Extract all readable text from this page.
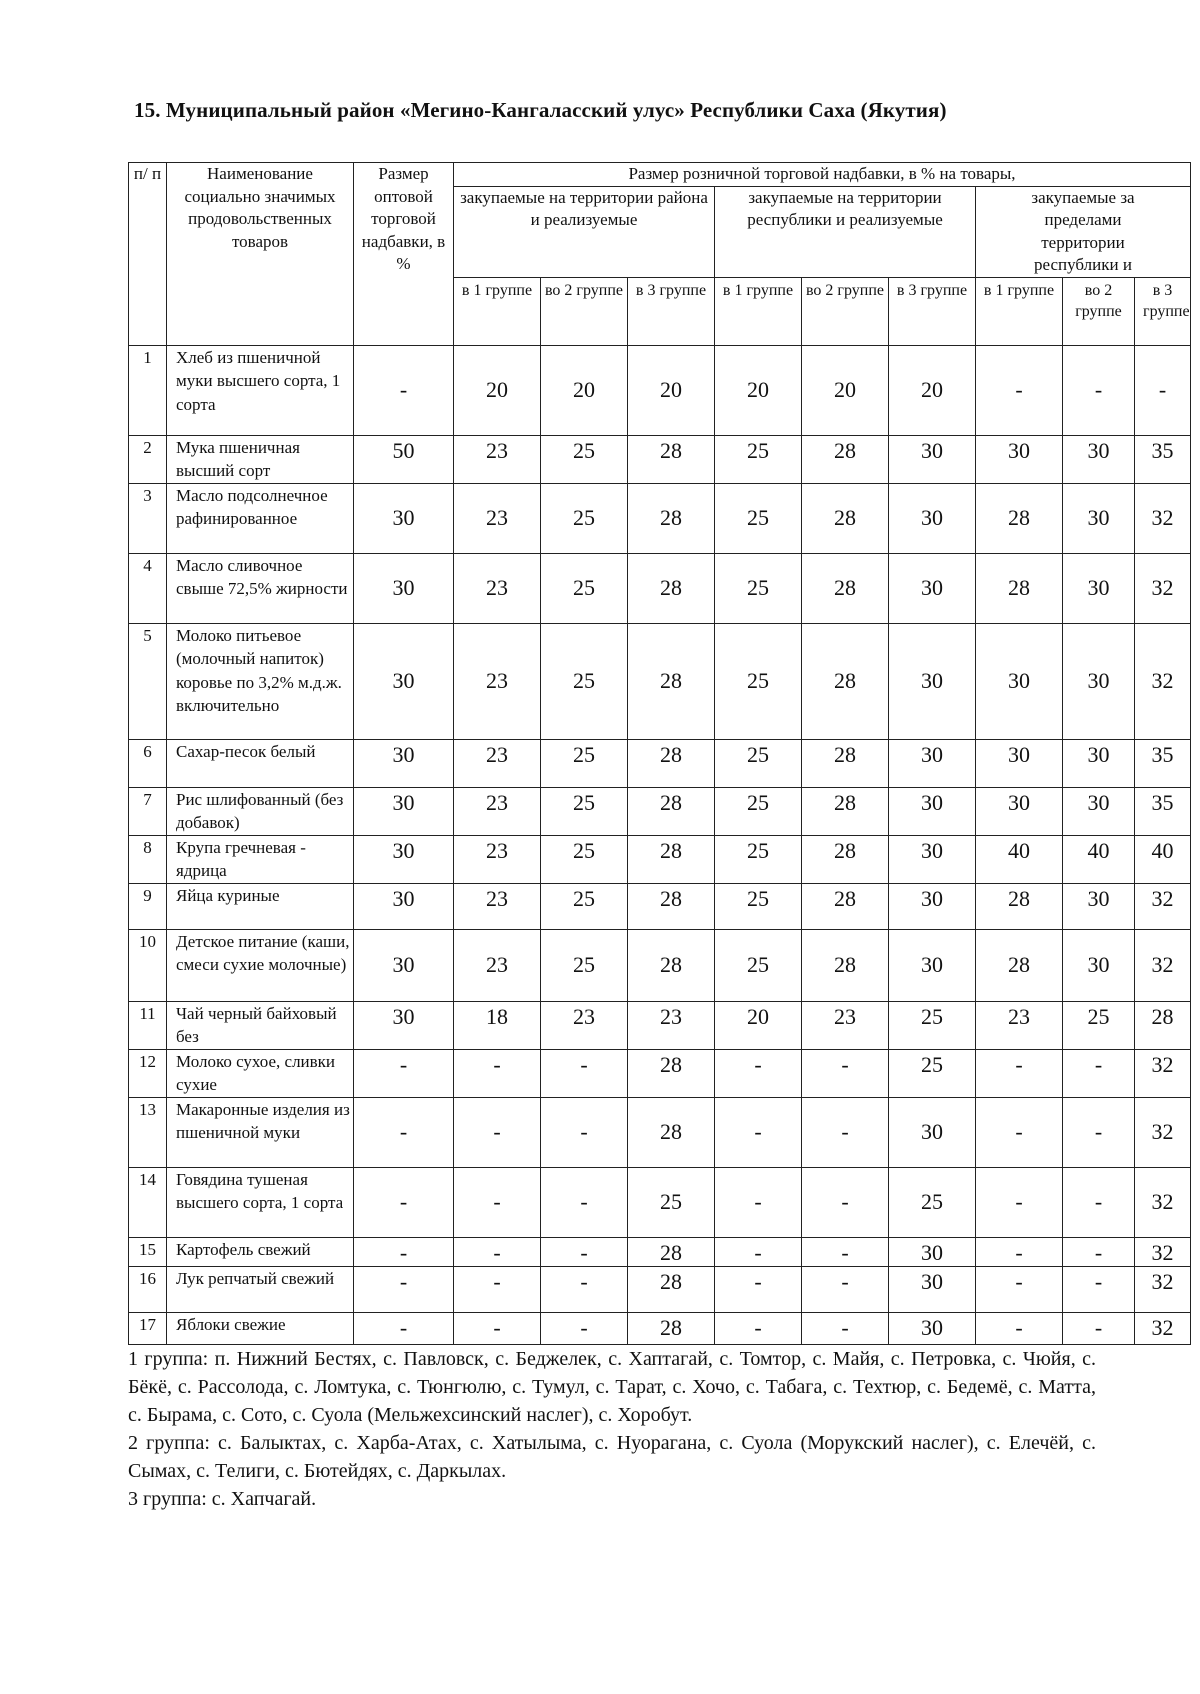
15. Муниципальный район «Мегино-Кангаласский улус» Республики Саха (Якутия)
п/ п	Наименование социально значимых продовольственных товаров	Размер оптовой торговой надбавки, в %	Размер розничной торговой надбавки, в % на товары,								
			закупаемые на территории района и реализуемые			закупаемые на территории республики и реализуемые			закупаемые за пределами территории республики и		
			в 1 группе	во 2 группе	в 3 группе	в 1 группе	во 2 группе	в 3 группе	в 1 группе	во 2 группе	в 3 группе
1	Хлеб из пшеничной муки высшего сорта, 1 сорта	-	20	20	20	20	20	20	-	-	-
2	Мука пшеничная высший сорт	50	23	25	28	25	28	30	30	30	35
3	Масло подсолнечное рафинированное	30	23	25	28	25	28	30	28	30	32
4	Масло сливочное свыше 72,5% жирности	30	23	25	28	25	28	30	28	30	32
5	Молоко питьевое (молочный напиток) коровье по 3,2% м.д.ж. включительно	30	23	25	28	25	28	30	30	30	32
6	Сахар-песок белый	30	23	25	28	25	28	30	30	30	35
7	Рис шлифованный (без добавок)	30	23	25	28	25	28	30	30	30	35
8	Крупа гречневая - ядрица	30	23	25	28	25	28	30	40	40	40
9	Яйца куриные	30	23	25	28	25	28	30	28	30	32
10	Детское питание (каши, смеси сухие молочные)	30	23	25	28	25	28	30	28	30	32
11	Чай черный байховый без	30	18	23	23	20	23	25	23	25	28
12	Молоко сухое, сливки сухие	-	-	-	28	-	-	25	-	-	32
13	Макаронные изделия из пшеничной муки	-	-	-	28	-	-	30	-	-	32
14	Говядина тушеная высшего сорта, 1 сорта	-	-	-	25	-	-	25	-	-	32
15	Картофель свежий	-	-	-	28	-	-	30	-	-	32
16	Лук репчатый свежий	-	-	-	28	-	-	30	-	-	32
17	Яблоки свежие	-	-	-	28	-	-	30	-	-	32

1 группа: п. Нижний Бестях, с. Павловск, с. Беджелек, с. Хаптагай, с. Томтор, с. Майя, с. Петровка, с. Чюйя, с. Бёкё, с. Рассолода, с. Ломтука, с. Тюнгюлю, с. Тумул, с. Тарат, с. Хочо, с. Табага, с. Техтюр, с. Бедемё, с. Матта, с. Бырама, с. Сото, с. Суола (Мельжехсинский наслег), с. Хоробут.

2 группа: с. Балыктах, с. Харба-Атах, с. Хатылыма, с. Нуорагана, с. Суола (Морукский наслег), с. Елечёй, с. Сымах, с. Телиги, с. Бютейдях, с. Даркылах.

3 группа: с. Хапчагай.
